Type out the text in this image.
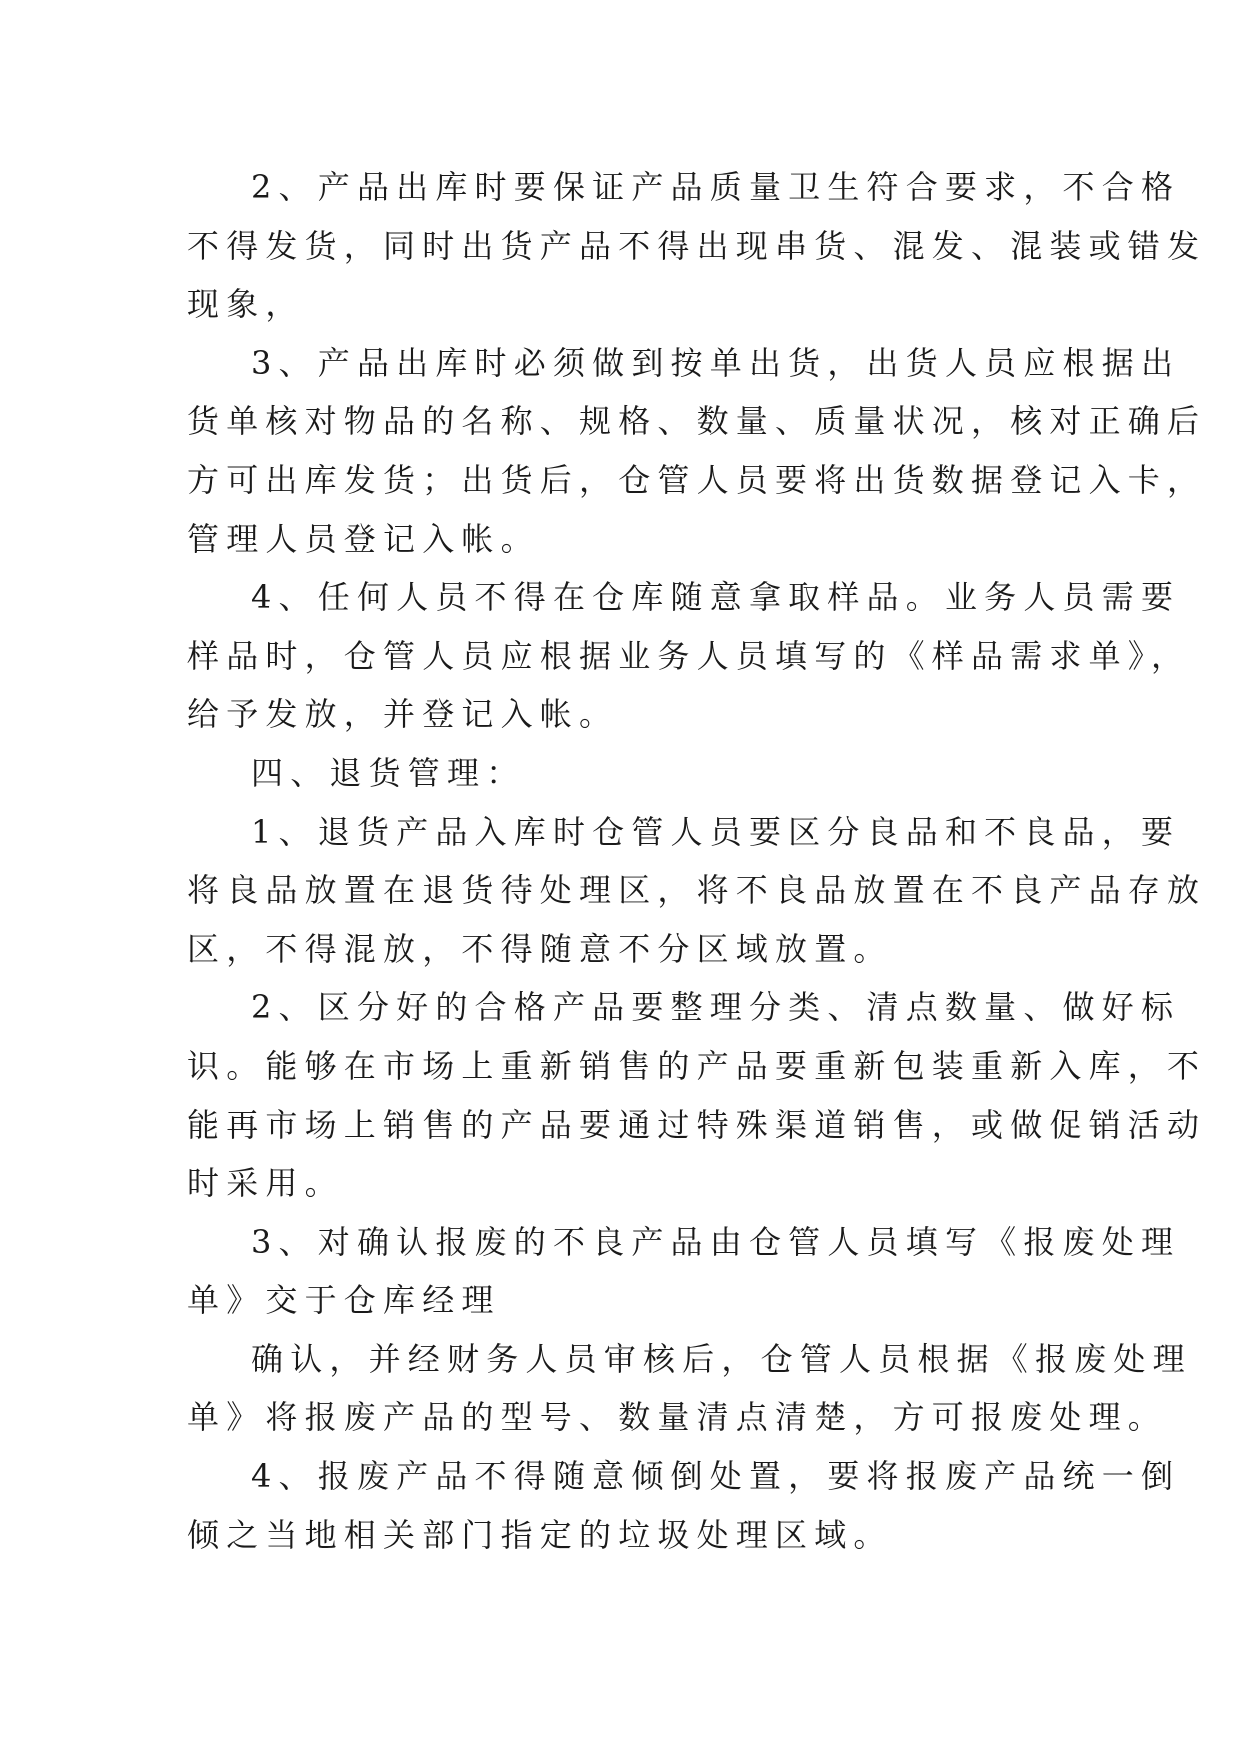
2、产品出库时要保证产品质量卫生符合要求，不合格
不得发货，同时出货产品不得出现串货、混发、混装或错发
现象，
3、产品出库时必须做到按单出货，出货人员应根据出
货单核对物品的名称、规格、数量、质量状况，核对正确后
方可出库发货；出货后，仓管人员要将出货数据登记入卡，
管理人员登记入帐。
4、任何人员不得在仓库随意拿取样品。业务人员需要
样品时，仓管人员应根据业务人员填写的《样品需求单》，
给予发放，并登记入帐。
四、退货管理：
1、退货产品入库时仓管人员要区分良品和不良品，要
将良品放置在退货待处理区，将不良品放置在不良产品存放
区，不得混放，不得随意不分区域放置。
2、区分好的合格产品要整理分类、清点数量、做好标
识。能够在市场上重新销售的产品要重新包装重新入库，不
能再市场上销售的产品要通过特殊渠道销售，或做促销活动
时采用。
3、对确认报废的不良产品由仓管人员填写《报废处理
单》交于仓库经理
确认，并经财务人员审核后，仓管人员根据《报废处理
单》将报废产品的型号、数量清点清楚，方可报废处理。
4、报废产品不得随意倾倒处置，要将报废产品统一倒
倾之当地相关部门指定的垃圾处理区域。
